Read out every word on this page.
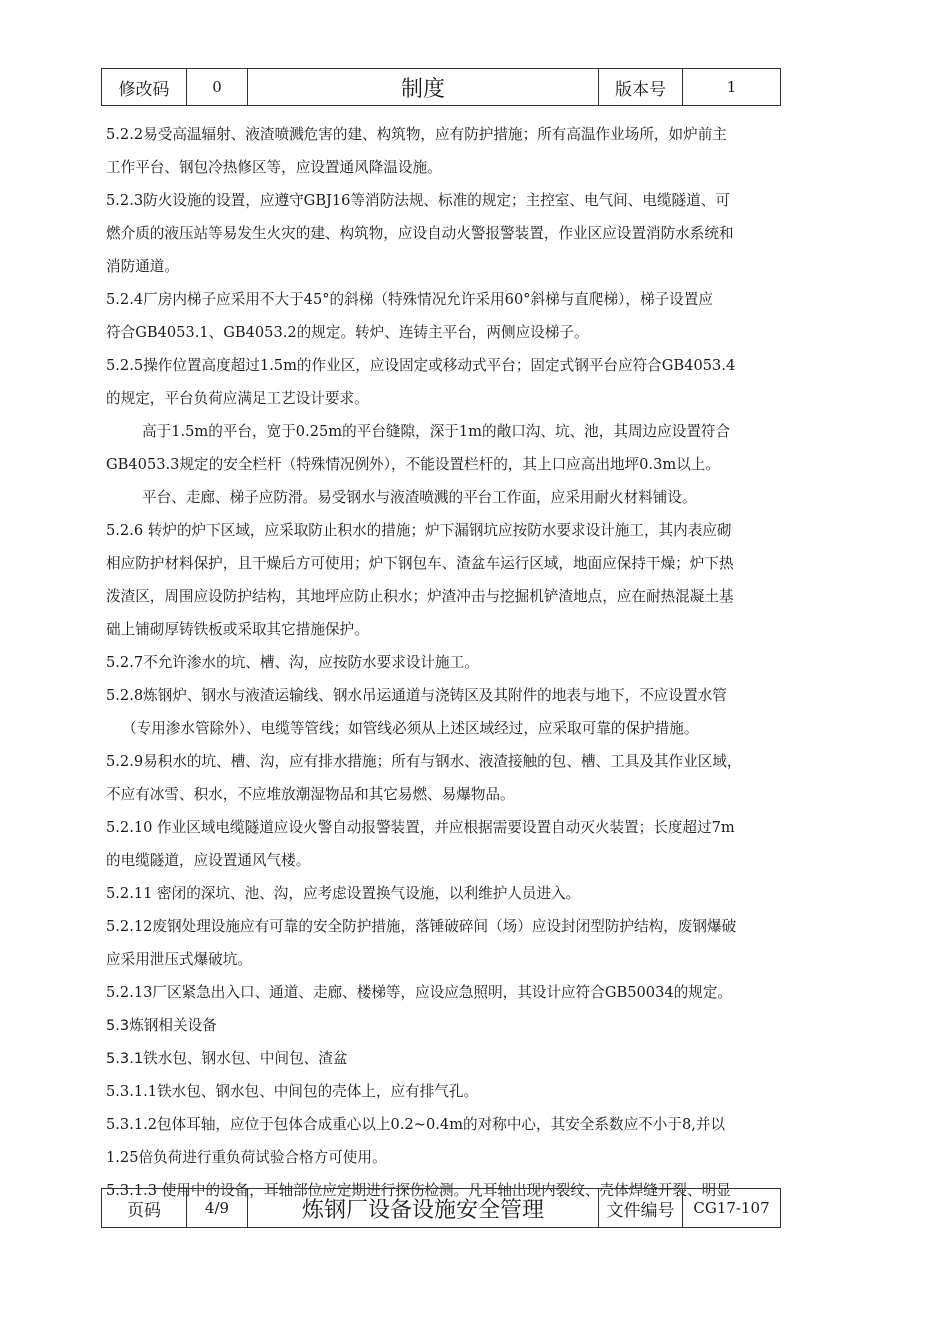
修改码	0	制度	版本号	1
5.2.2易受高温辐射、液渣喷溅危害的建、构筑物，应有防护措施；所有高温作业场所，如炉前主
工作平台、钢包冷热修区等，应设置通风降温设施。
5.2.3防火设施的设置，应遵守GBJ16等消防法规、标准的规定；主控室、电气间、电缆隧道、可
燃介质的液压站等易发生火灾的建、构筑物，应设自动火警报警装置，作业区应设置消防水系统和
消防通道。
5.2.4厂房内梯子应采用不大于45°的斜梯（特殊情况允许采用60°斜梯与直爬梯），梯子设置应
符合GB4053.1、GB4053.2的规定。转炉、连铸主平台，两侧应设梯子。
5.2.5操作位置高度超过1.5m的作业区，应设固定或移动式平台；固定式钢平台应符合GB4053.4
的规定，平台负荷应满足工艺设计要求。
高于1.5m的平台，宽于0.25m的平台缝隙，深于1m的敞口沟、坑、池，其周边应设置符合
GB4053.3规定的安全栏杆（特殊情况例外），不能设置栏杆的，其上口应高出地坪0.3m以上。
平台、走廊、梯子应防滑。易受钢水与液渣喷溅的平台工作面，应采用耐火材料铺设。
5.2.6 转炉的炉下区域，应采取防止积水的措施；炉下漏钢坑应按防水要求设计施工，其内表应砌
相应防护材料保护，且干燥后方可使用；炉下钢包车、渣盆车运行区域，地面应保持干燥；炉下热
泼渣区，周围应设防护结构，其地坪应防止积水；炉渣冲击与挖掘机铲渣地点，应在耐热混凝土基
础上铺砌厚铸铁板或采取其它措施保护。
5.2.7不允许渗水的坑、槽、沟，应按防水要求设计施工。
5.2.8炼钢炉、钢水与液渣运输线、钢水吊运通道与浇铸区及其附件的地表与地下，不应设置水管
（专用渗水管除外）、电缆等管线；如管线必须从上述区域经过，应采取可靠的保护措施。
5.2.9易积水的坑、槽、沟，应有排水措施；所有与钢水、液渣接触的包、槽、工具及其作业区域，
不应有冰雪、积水，不应堆放潮湿物品和其它易燃、易爆物品。
5.2.10 作业区域电缆隧道应设火警自动报警装置，并应根据需要设置自动灭火装置；长度超过7m
的电缆隧道，应设置通风气楼。
5.2.11 密闭的深坑、池、沟，应考虑设置换气设施，以利维护人员进入。
5.2.12废钢处理设施应有可靠的安全防护措施，落锤破碎间（场）应设封闭型防护结构，废钢爆破
应采用泄压式爆破坑。
5.2.13厂区紧急出入口、通道、走廊、楼梯等，应设应急照明，其设计应符合GB50034的规定。
5.3炼钢相关设备
5.3.1铁水包、钢水包、中间包、渣盆
5.3.1.1铁水包、钢水包、中间包的壳体上，应有排气孔。
5.3.1.2包体耳轴，应位于包体合成重心以上0.2~0.4m的对称中心，其安全系数应不小于8,并以
1.25倍负荷进行重负荷试验合格方可使用。
5.3.1.3 使用中的设备，耳轴部位应定期进行探伤检测。凡耳轴出现内裂纹、壳体焊缝开裂、明显
页码	4/9	炼钢厂设备设施安全管理	文件编号	CG17-107
